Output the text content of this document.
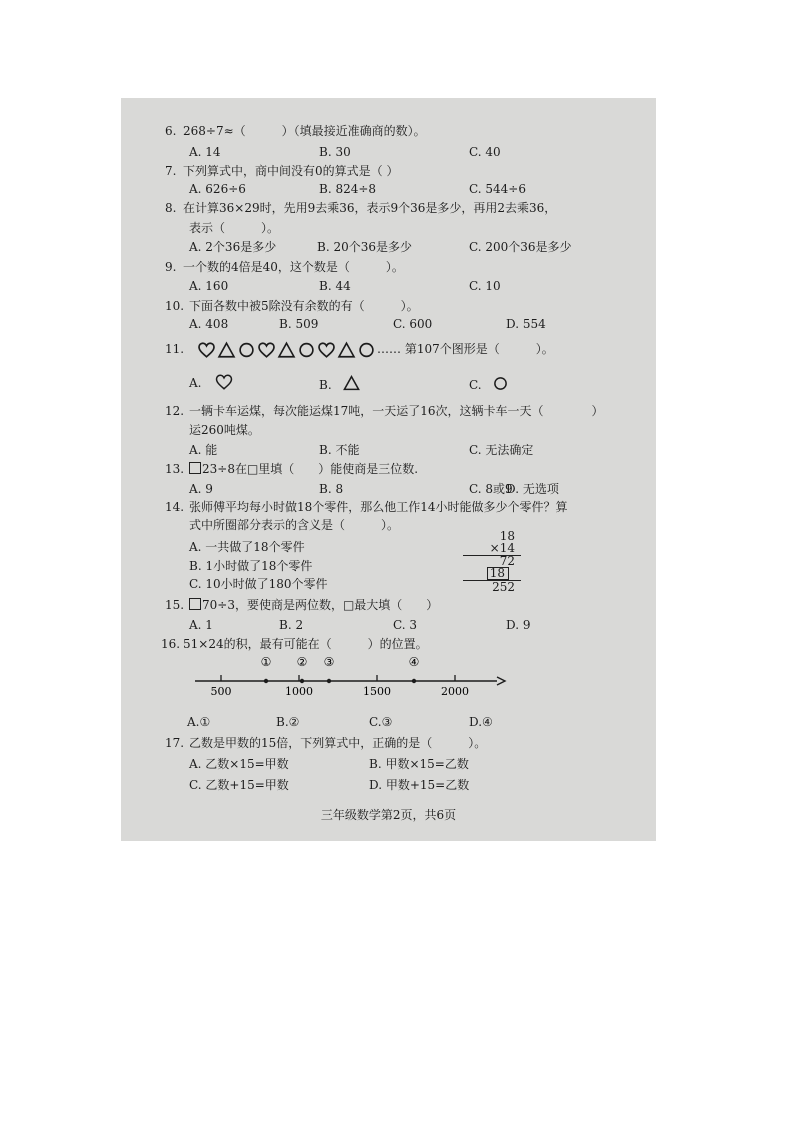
6. 268÷7≈（　　　）（填最接近准确商的数）。
A. 14	B. 30	C. 40
7. 下列算式中，商中间没有0的算式是（ ）
A. 626÷6	B. 824÷8	C. 544÷6
8. 在计算36×29时，先用9去乘36，表示9个36是多少，再用2去乘36，
表示（　　　）。
A. 2个36是多少	B. 20个36是多少	C. 200个36是多少
9. 一个数的4倍是40，这个数是（　　　）。
A. 160	B. 44	C. 10
10. 下面各数中被5除没有余数的有（　　　）。
A. 408	B. 509	C. 600	D. 554
11.	…… 第107个图形是（　　　）。
A.	B.	C.
12. 一辆卡车运煤，每次能运煤17吨，一天运了16次，这辆卡车一天（　　　　）
运260吨煤。
A. 能	B. 不能	C. 无法确定
13.	23÷8在□里填（　　）能使商是三位数.
A. 9	B. 8	C. 8或9
D. 无选项
14. 张师傅平均每小时做18个零件，那么他工作14小时能做多少个零件？算
式中所圈部分表示的含义是（　　　）。
A. 一共做了18个零件
B. 1小时做了18个零件
C. 10小时做了180个零件
18
×14
72
18
252
15.	70÷3，要使商是两位数，□最大填（　　）
A. 1	B. 2	C. 3	D. 9
16. 51×24的积，最有可能在（　　　）的位置。
500	1000	1500	2000
① ② ③	④
A.①	B.②	C.③	D.④
17. 乙数是甲数的15倍，下列算式中，正确的是（　　　）。
A. 乙数×15=甲数	B. 甲数×15=乙数
C. 乙数+15=甲数	D. 甲数+15=乙数
三年级数学第2页，共6页
